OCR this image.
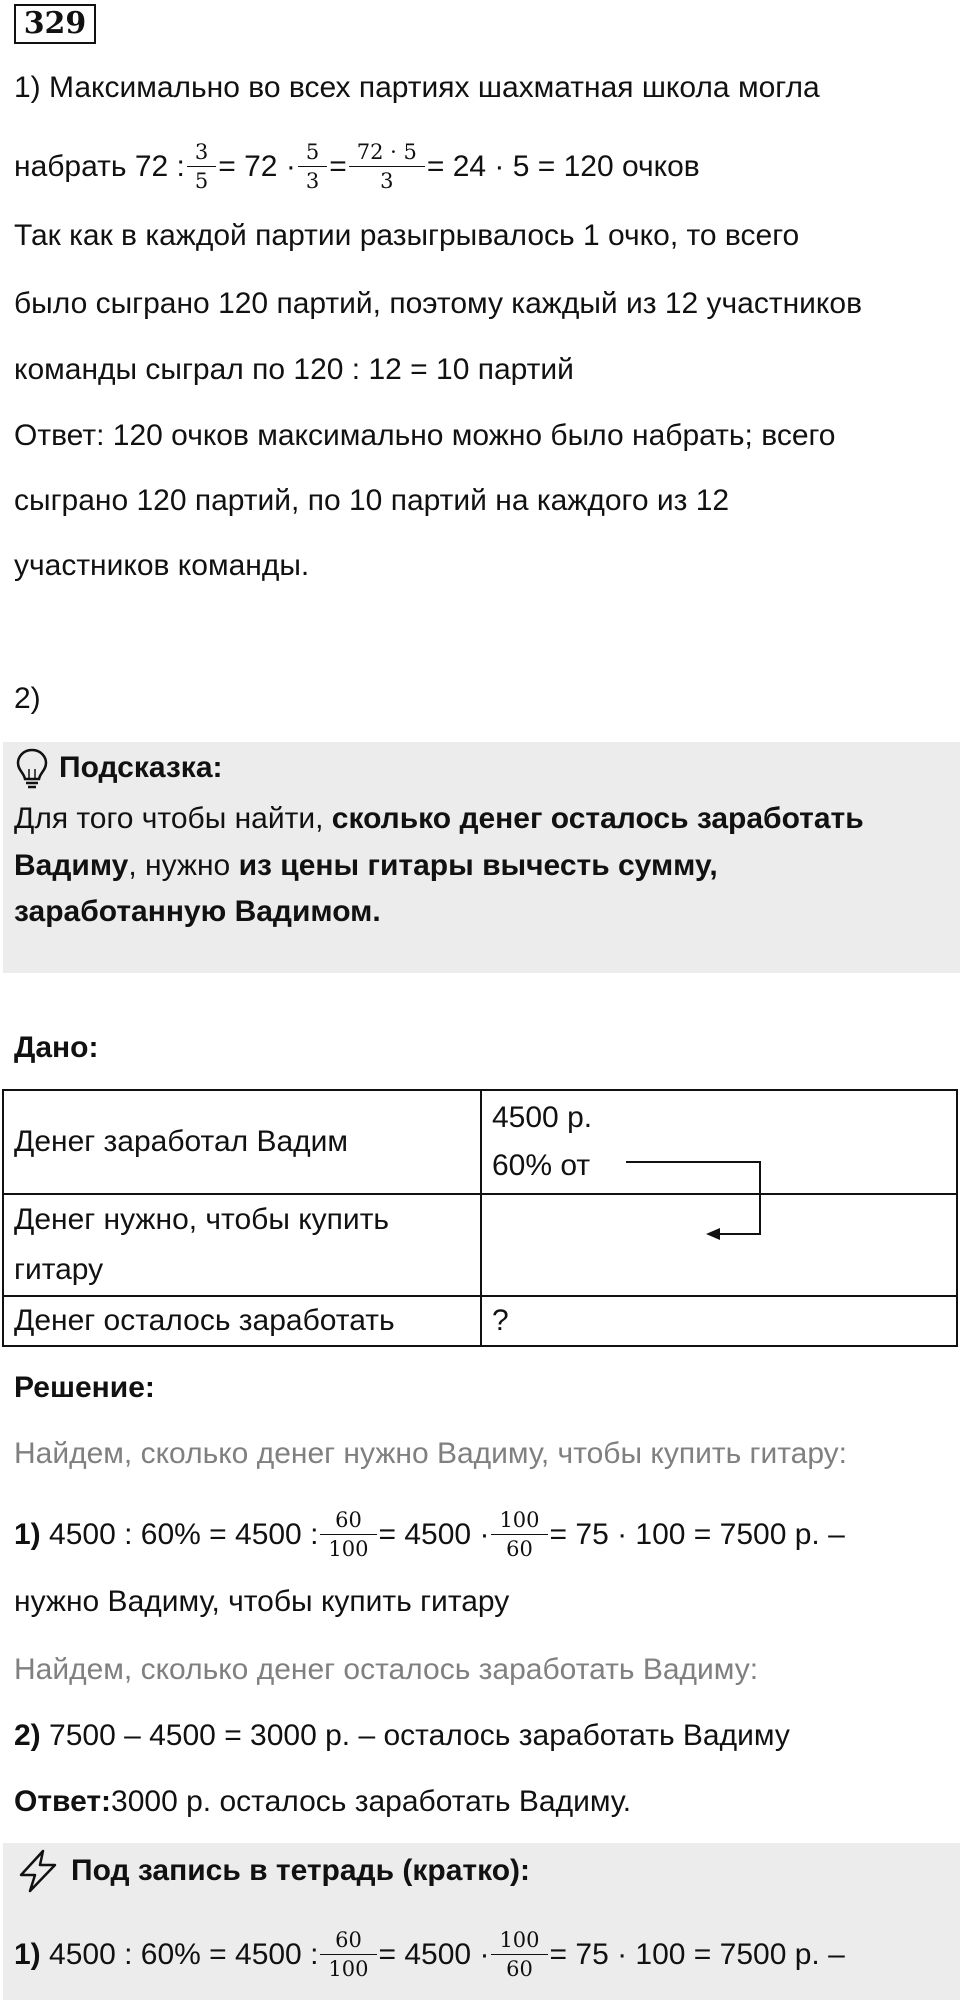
329
1) Максимально во всех партиях шахматная школа могла
набрать 72 : $\frac{3}{5} = 72 \cdot \frac{5}{3} = \frac{72 \cdot 5}{3} = 24 \cdot 5 = 120$ очков
Так как в каждой партии разыгрывалось 1 очко, то всего
было сыграно 120 партий, поэтому каждый из 12 участников
команды сыграл по 120 : 12 = 10 партий
Ответ: 120 очков максимально можно было набрать; всего
сыграно 120 партий, по 10 партий на каждого из 12
участников команды.
2)
Подсказка:
Для того чтобы найти,
сколько денег осталось заработать
Вадиму , нужно
из цены гитары вычесть сумму,
заработанную Вадимом.
Дано:
Денег заработал Вадим	4500 р.
60% от

Денег нужно, чтобы купить
гитару	

Денег осталось заработать	?
Решение:
Найдем, сколько денег нужно Вадиму, чтобы купить гитару:
1)
4500 : 60% = 4500 : $\frac{60}{100} = 4500 \cdot \frac{100}{60} = 75 \cdot 100 = 7500$ р. –
нужно Вадиму, чтобы купить гитару
Найдем, сколько денег осталось заработать Вадиму:
2)
7500 – 4500 = 3000 р. – осталось заработать Вадиму
Ответ: 3000 р. осталось заработать Вадиму.
Под запись в тетрадь (кратко):
1)
4500 : 60% = 4500 : $\frac{60}{100} = 4500 \cdot \frac{100}{60} = 75 \cdot 100 = 7500$ р. –
